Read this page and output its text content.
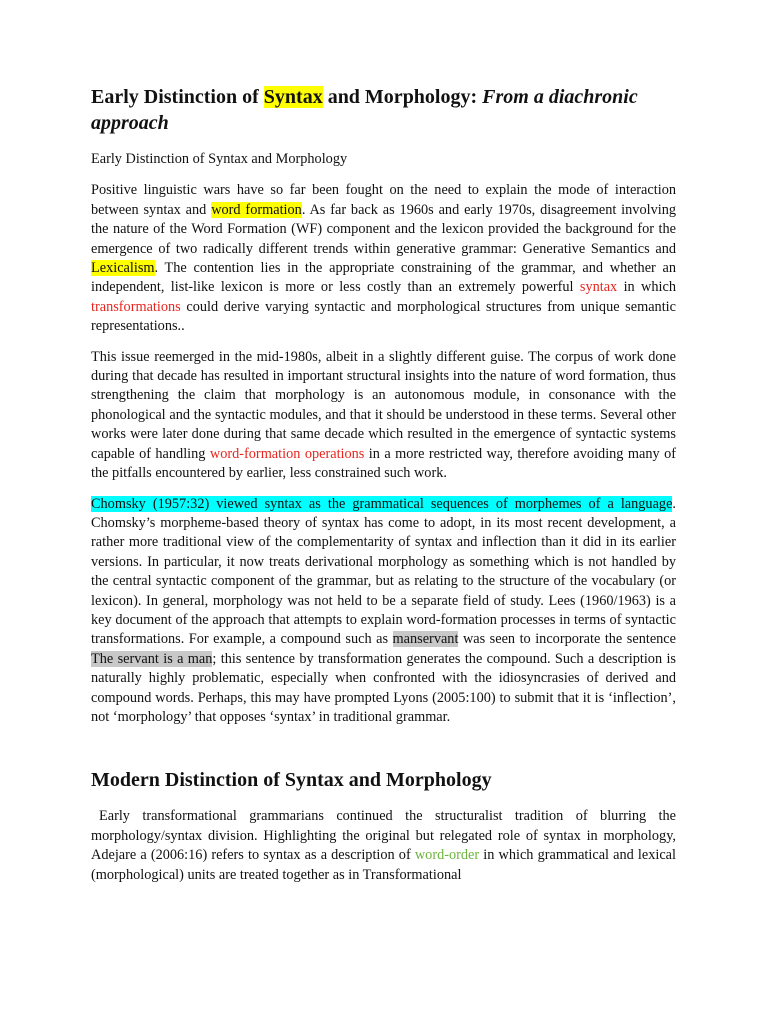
Early Distinction of Syntax and Morphology: From a diachronic approach

Early Distinction of Syntax and Morphology

Positive linguistic wars have so far been fought on the need to explain the mode of interaction between syntax and word formation. As far back as 1960s and early 1970s, disagreement involving the nature of the Word Formation (WF) component and the lexicon provided the background for the emergence of two radically different trends within generative grammar: Generative Semantics and Lexicalism. The contention lies in the appropriate constraining of the grammar, and whether an independent, list-like lexicon is more or less costly than an extremely powerful syntax in which transformations could derive varying syntactic and morphological structures from unique semantic representations..

This issue reemerged in the mid-1980s, albeit in a slightly different guise. The corpus of work done during that decade has resulted in important structural insights into the nature of word formation, thus strengthening the claim that morphology is an autonomous module, in consonance with the phonological and the syntactic modules, and that it should be understood in these terms. Several other works were later done during that same decade which resulted in the emergence of syntactic systems capable of handling word-formation operations in a more restricted way, therefore avoiding many of the pitfalls encountered by earlier, less constrained such work.

Chomsky (1957:32) viewed syntax as the grammatical sequences of morphemes of a language. Chomsky’s morpheme-based theory of syntax has come to adopt, in its most recent development, a rather more traditional view of the complementarity of syntax and inflection than it did in its earlier versions. In particular, it now treats derivational morphology as something which is not handled by the central syntactic component of the grammar, but as relating to the structure of the vocabulary (or lexicon). In general, morphology was not held to be a separate field of study. Lees (1960/1963) is a key document of the approach that attempts to explain word-formation processes in terms of syntactic transformations. For example, a compound such as manservant was seen to incorporate the sentence The servant is a man; this sentence by transformation generates the compound. Such a description is naturally highly problematic, especially when confronted with the idiosyncrasies of derived and compound words. Perhaps, this may have prompted Lyons (2005:100) to submit that it is ‘inflection’, not ‘morphology’ that opposes ‘syntax’ in traditional grammar.

Modern Distinction of Syntax and Morphology

Early transformational grammarians continued the structuralist tradition of blurring the morphology/syntax division. Highlighting the original but relegated role of syntax in morphology, Adejare a (2006:16) refers to syntax as a description of word-order in which grammatical and lexical (morphological) units are treated together as in Transformational
